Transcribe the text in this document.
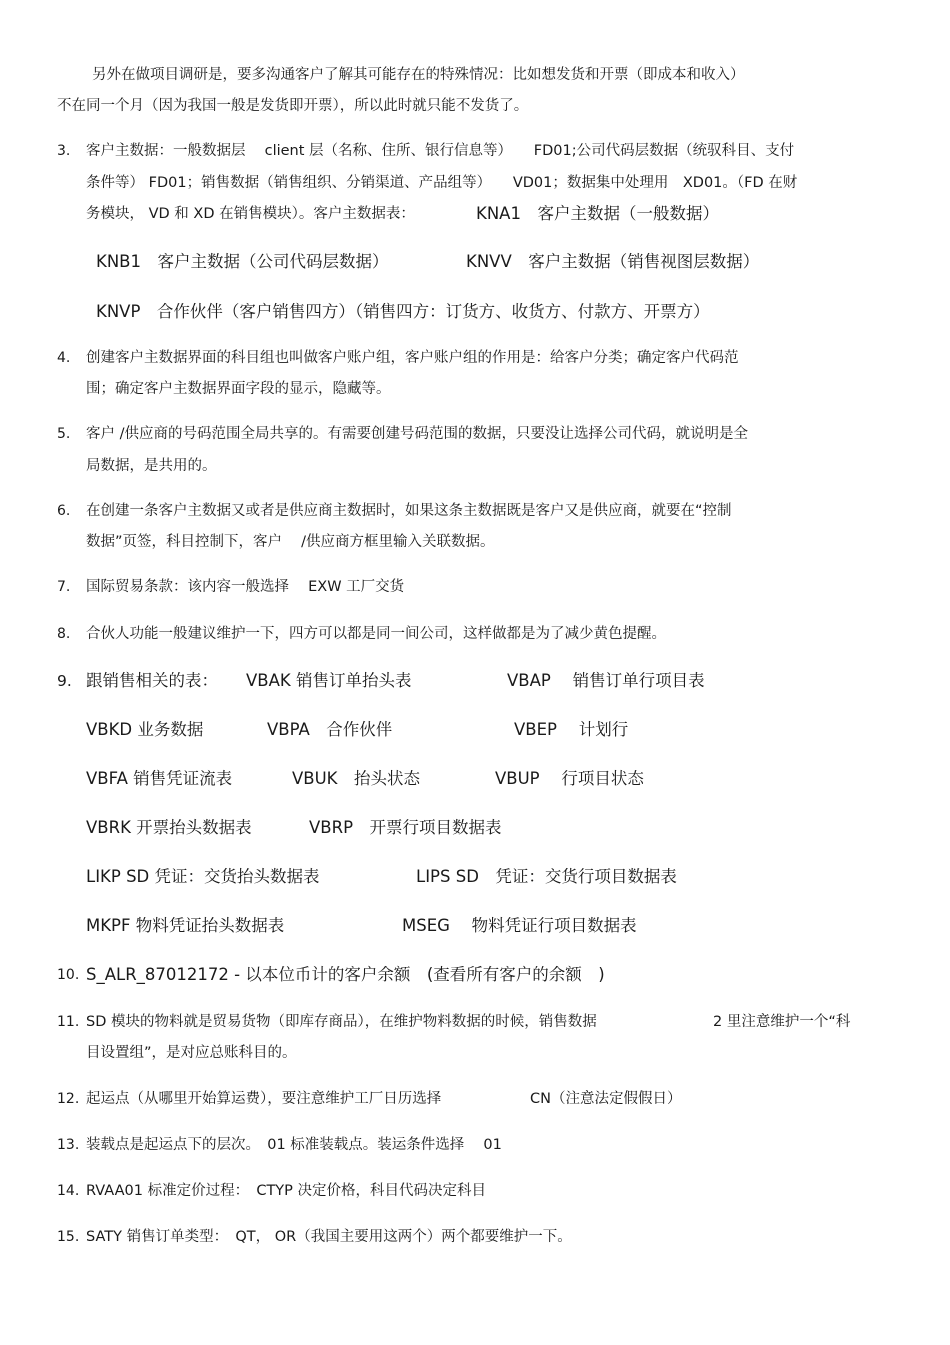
另外在做项目调研是，要多沟通客户了解其可能存在的特殊情况：比如想发货和开票（即成本和收入）
不在同一个月（因为我国一般是发货即开票），所以此时就只能不发货了。
3. 客户主数据：一般数据层　 client 层（名称、住所、银行信息等）　　FD01;公司代码层数据（统驭科目、支付
条件等） FD01；销售数据（销售组织、分销渠道、产品组等）　　VD01；数据集中处理用　XD01。（FD 在财
务模块， VD 和 XD 在销售模块）。客户主数据表：	KNA1　客户主数据（一般数据）
KNB1　客户主数据（公司代码层数据）	KNVV　客户主数据（销售视图层数据）
KNVP　合作伙伴（客户销售四方）（销售四方：订货方、收货方、付款方、开票方）
4. 创建客户主数据界面的科目组也叫做客户账户组，客户账户组的作用是：给客户分类；确定客户代码范
围；确定客户主数据界面字段的显示，隐藏等。
5. 客户 /供应商的号码范围全局共享的。有需要创建号码范围的数据，只要没让选择公司代码，就说明是全
局数据，是共用的。
6. 在创建一条客户主数据又或者是供应商主数据时，如果这条主数据既是客户又是供应商，就要在“控制
数据”页签，科目控制下，客户　 /供应商方框里输入关联数据。
7. 国际贸易条款：该内容一般选择　 EXW 工厂交货
8. 合伙人功能一般建议维护一下，四方可以都是同一间公司，这样做都是为了减少黄色提醒。
9. 跟销售相关的表： VBAK 销售订单抬头表	VBAP　 销售订单行项目表
VBKD 业务数据	VBPA　合作伙伴	VBEP　 计划行
VBFA 销售凭证流表	VBUK　抬头状态	VBUP　 行项目状态
VBRK 开票抬头数据表	VBRP　开票行项目数据表
LIKP SD 凭证：交货抬头数据表	LIPS SD　凭证：交货行项目数据表
MKPF 物料凭证抬头数据表	MSEG　 物料凭证行项目数据表
10. S_ALR_87012172 - 以本位币计的客户余额　(查看所有客户的余额　)
11. SD 模块的物料就是贸易货物（即库存商品），在维护物料数据的时候，销售数据	2 里注意维护一个“科
目设置组”，是对应总账科目的。
12. 起运点（从哪里开始算运费），要注意维护工厂日历选择	CN（注意法定假假日）
13. 装载点是起运点下的层次。　01 标准装载点。装运条件选择　 01
14. RVAA01 标准定价过程：　CTYP 决定价格，科目代码决定科目
15. SATY 销售订单类型：　QT， OR（我国主要用这两个）两个都要维护一下。
